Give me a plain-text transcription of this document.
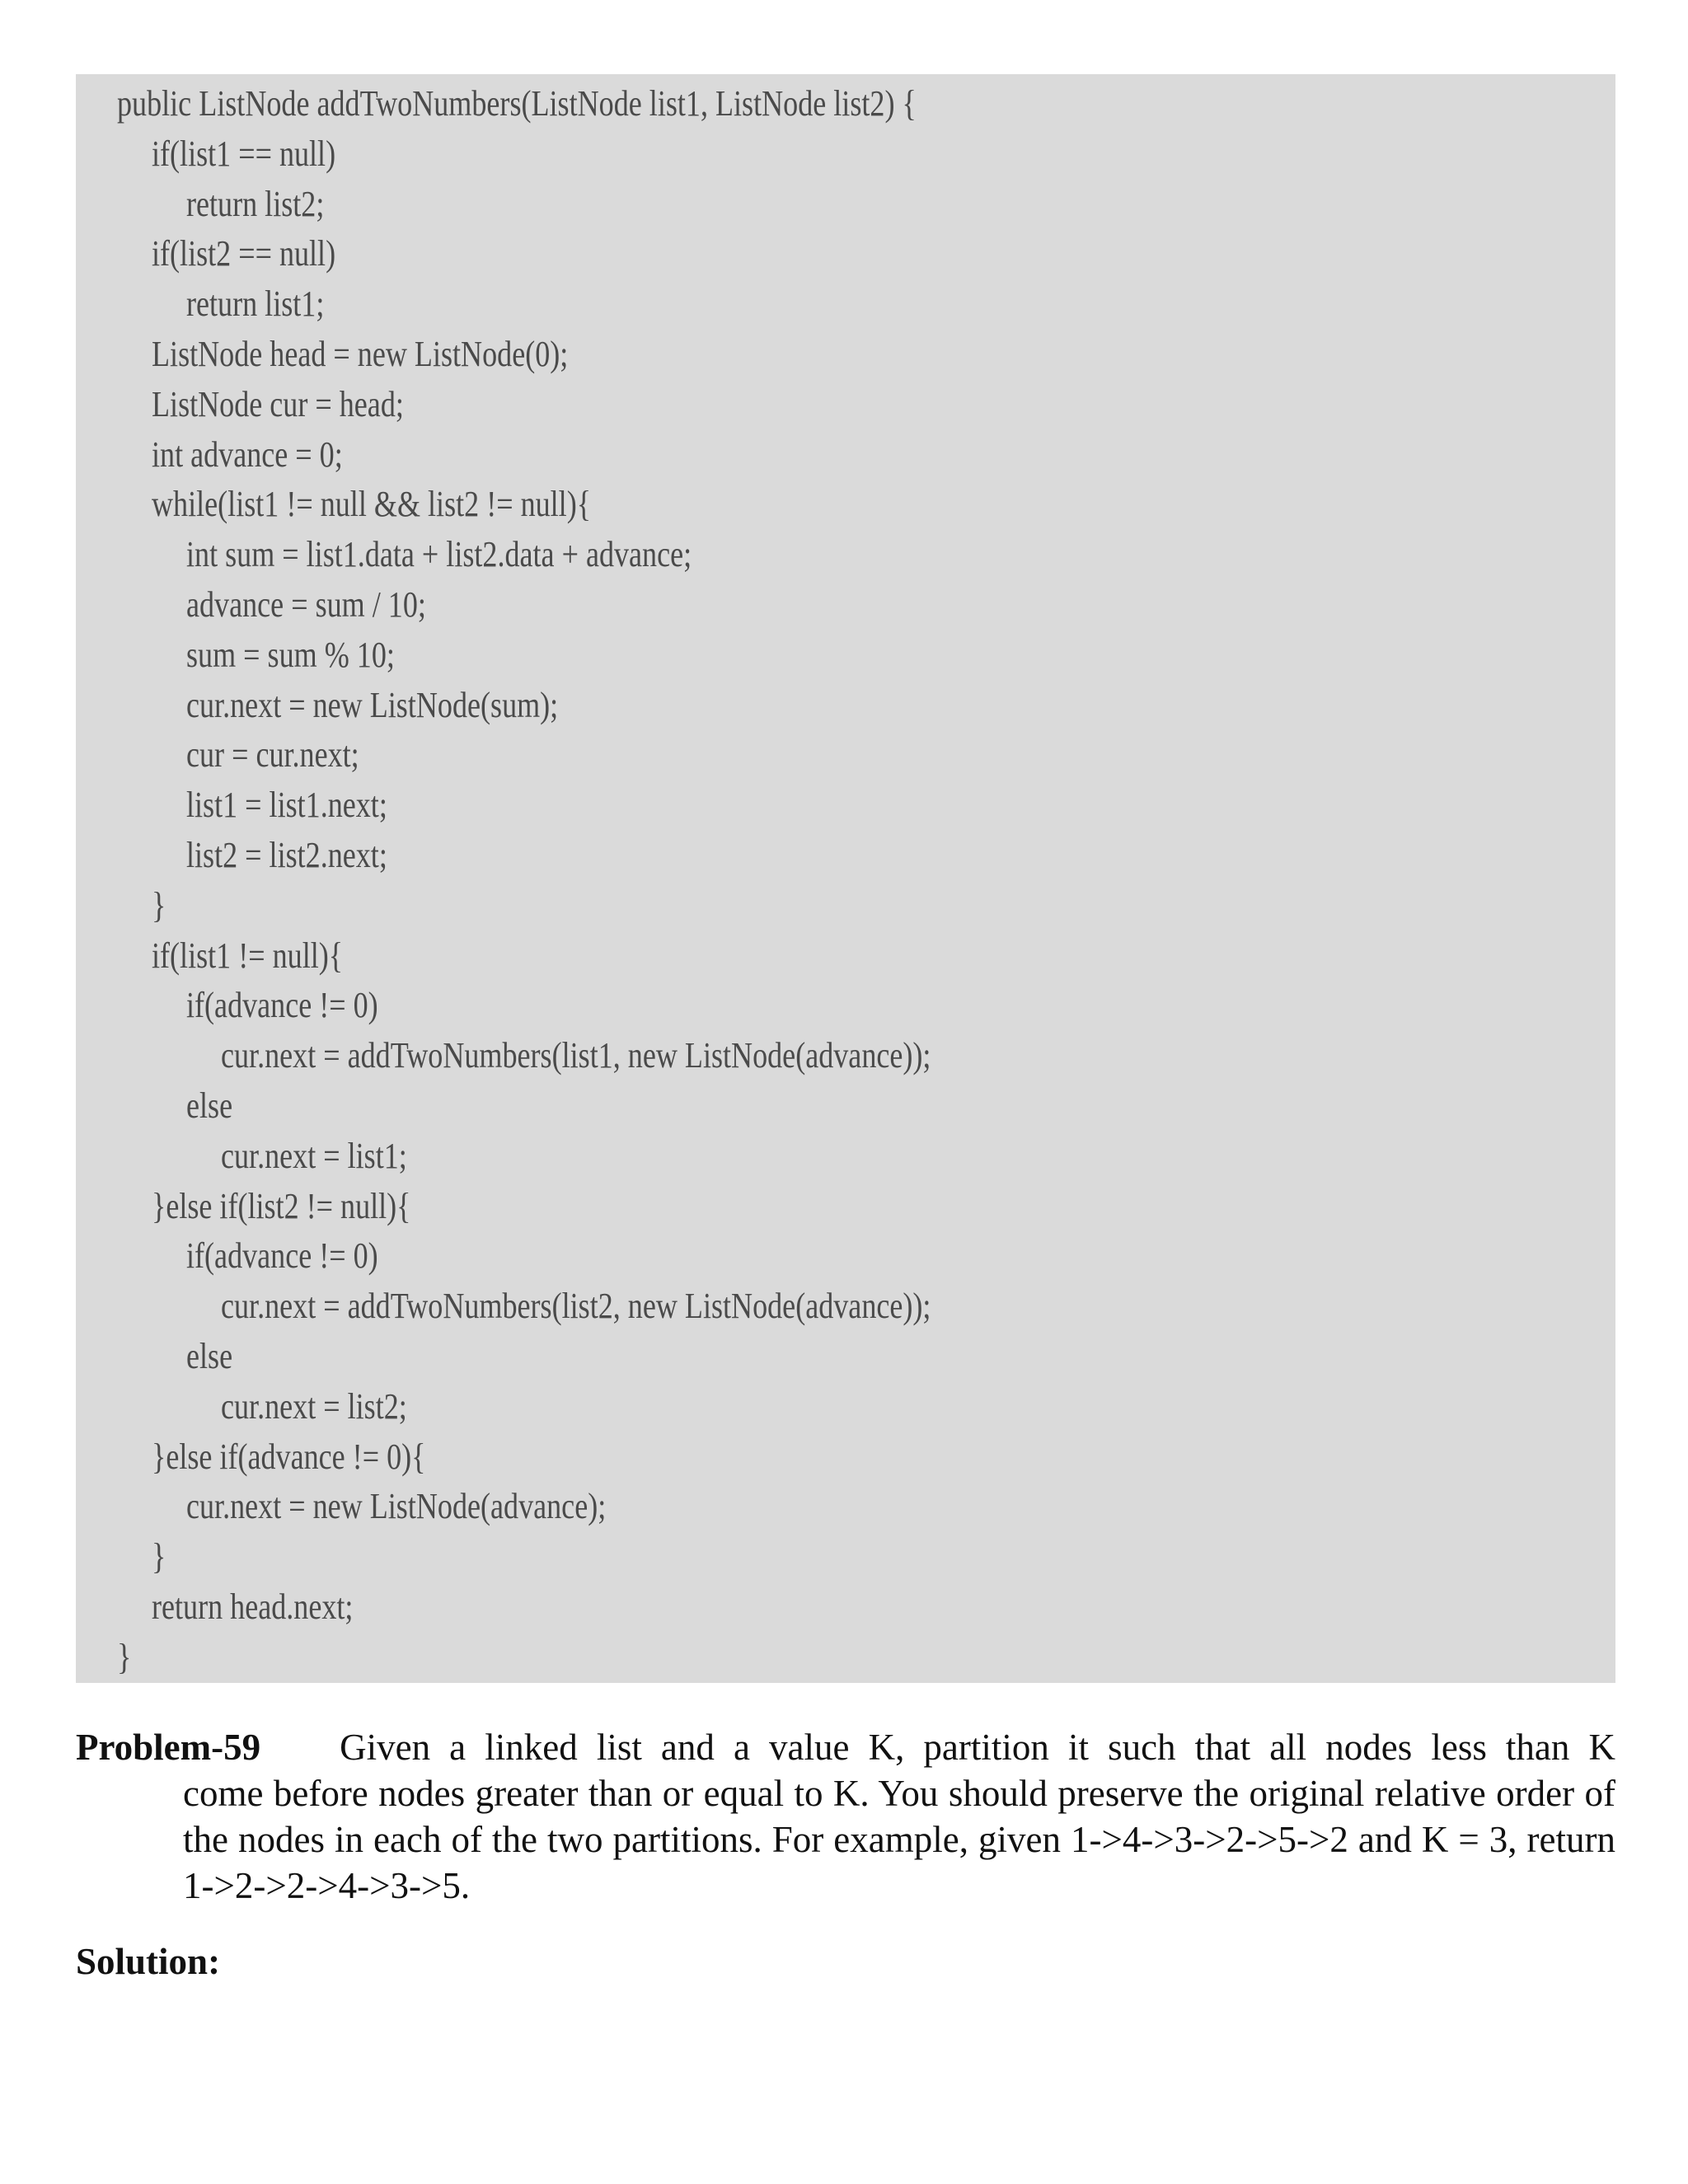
public ListNode addTwoNumbers(ListNode list1, ListNode list2) {
if(list1 == null)
return list2;
if(list2 == null)
return list1;
ListNode head = new ListNode(0);
ListNode cur = head;
int advance = 0;
while(list1 != null && list2 != null){
int sum = list1.data + list2.data + advance;
advance = sum / 10;
sum = sum % 10;
cur.next = new ListNode(sum);
cur = cur.next;
list1 = list1.next;
list2 = list2.next;
}
if(list1 != null){
if(advance != 0)
cur.next = addTwoNumbers(list1, new ListNode(advance));
else
cur.next = list1;
}else if(list2 != null){
if(advance != 0)
cur.next = addTwoNumbers(list2, new ListNode(advance));
else
cur.next = list2;
}else if(advance != 0){
cur.next = new ListNode(advance);
}
return head.next;
}
Problem-59 Given a linked list and a value K, partition it such that all nodes less than K
come before nodes greater than or equal to K. You should preserve the original relative order of the nodes in each of the two partitions. For example, given 1->4->3->2->5->2 and K = 3, return 1->2->2->4->3->5.
Solution:
